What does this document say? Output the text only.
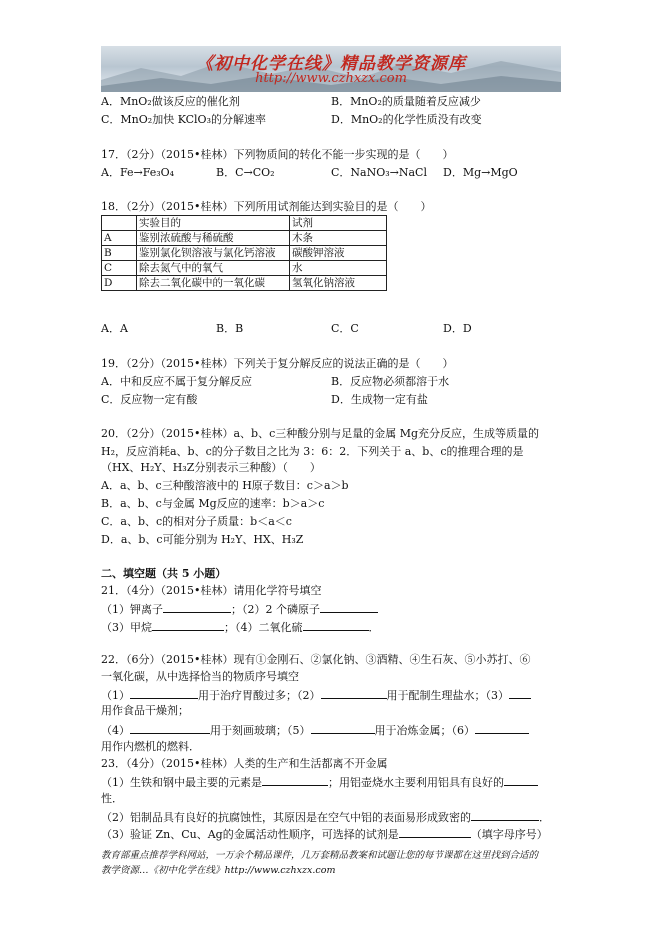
《初中化学在线》精品教学资源库
http://www.czhxzx.com
A．MnO₂做该反应的催化剂	B．MnO₂的质量随着反应减少
C．MnO₂加快 KClO₃的分解速率	D．MnO₂的化学性质没有改变
17．（2分）（2015•桂林）下列物质间的转化不能一步实现的是（　　）
A．Fe→Fe₃O₄	B．C→CO₂	C．NaNO₃→NaCl D．Mg→MgO
18．（2分）（2015•桂林）下列所用试剂能达到实验目的是（　　）
	实验目的	试剂
A	鉴别浓硫酸与稀硫酸	木条
B	鉴别氯化钡溶液与氯化钙溶液	碳酸钾溶液
C	除去氮气中的氧气	水
D	除去二氧化碳中的一氧化碳	氢氧化钠溶液
A．A	B．B	C．C	D．D
19．（2分）（2015•桂林）下列关于复分解反应的说法正确的是（　　）
A．中和反应不属于复分解反应	B．反应物必须都溶于水
C．反应物一定有酸	D．生成物一定有盐
20．（2分）（2015•桂林）a、b、c三种酸分别与足量的金属 Mg充分反应，生成等质量的
H₂，反应消耗a、b、c的分子数目之比为 3：6：2．下列关于 a、b、c的推理合理的是
（HX、H₂Y、H₃Z分别表示三种酸）（　　）
A．a、b、c三种酸溶液中的 H原子数目：c＞a＞b
B．a、b、c与金属 Mg反应的速率：b＞a＞c
C．a、b、c的相对分子质量：b＜a＜c
D．a、b、c可能分别为 H₂Y、HX、H₃Z
二、填空题（共 5 小题）
21．（4分）（2015•桂林）请用化学符号填空
（1）钾离子	；（2）2 个磷原子
（3）甲烷	；（4）二氧化硫	．
22．（6分）（2015•桂林）现有①金刚石、②氯化钠、③酒精、④生石灰、⑤小苏打、⑥
一氧化碳，从中选择恰当的物质序号填空
（1）	用于治疗胃酸过多；（2）	用于配制生理盐水；（3）
用作食品干燥剂；
（4）	用于刻画玻璃；（5）	用于冶炼金属；（6）
用作内燃机的燃料．
23．（4分）（2015•桂林）人类的生产和生活都离不开金属
（1）生铁和钢中最主要的元素是	；用铝壶烧水主要利用铝具有良好的
性．
（2）铝制品具有良好的抗腐蚀性，其原因是在空气中铝的表面易形成致密的	．
（3）验证 Zn、Cu、Ag的金属活动性顺序，可选择的试剂是	（填字母序号）
教育部重点推荐学科网站，一万余个精品课件，几万套精品教案和试题让您的每节课都在这里找到合适的
教学资源…《初中化学在线》http://www.czhxzx.com
